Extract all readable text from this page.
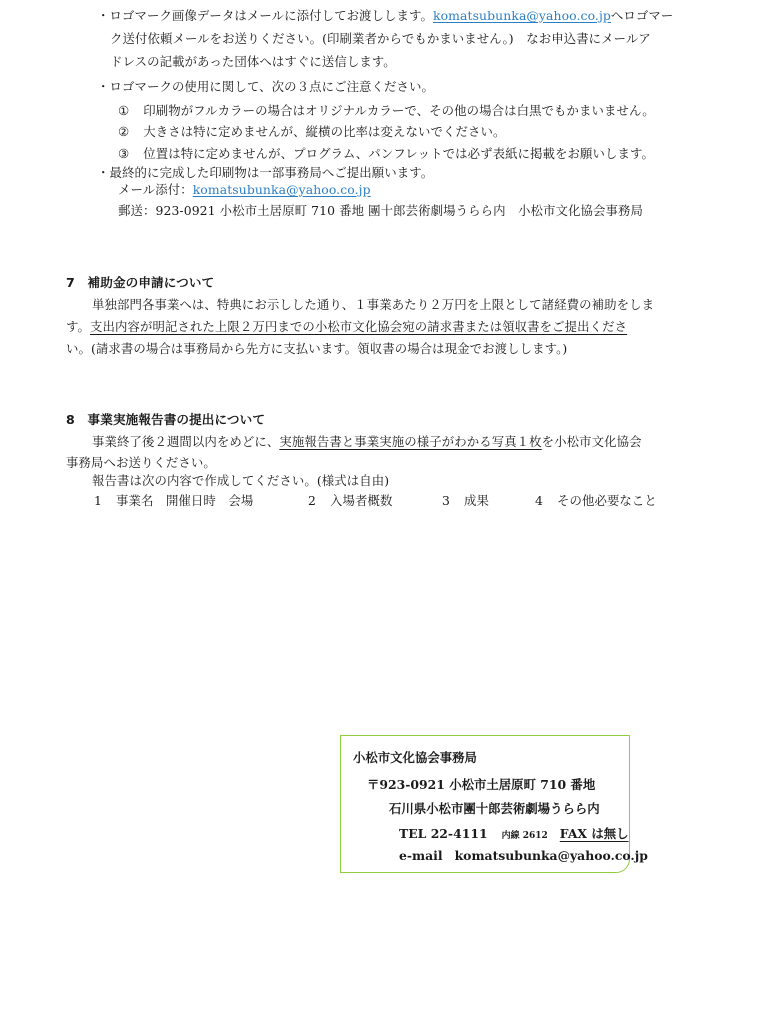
・ロゴマーク画像データはメールに添付してお渡しします。komatsubunka@yahoo.co.jpへロゴマー
ク送付依頼メールをお送りください。(印刷業者からでもかまいません。)　なお申込書にメールア
ドレスの記載があった団体へはすぐに送信します。
・ロゴマークの使用に関して、次の３点にご注意ください。
① 印刷物がフルカラーの場合はオリジナルカラーで、その他の場合は白黒でもかまいません。
② 大きさは特に定めませんが、縦横の比率は変えないでください。
③ 位置は特に定めませんが、プログラム、パンフレットでは必ず表紙に掲載をお願いします。
・最終的に完成した印刷物は一部事務局へご提出願います。
メール添付：komatsubunka@yahoo.co.jp
郵送：923-0921 小松市土居原町 710 番地 團十郎芸術劇場うらら内　小松市文化協会事務局
7　補助金の申請について
単独部門各事業へは、特典にお示しした通り、１事業あたり２万円を上限として諸経費の補助をしま
す。支出内容が明記された上限２万円までの小松市文化協会宛の請求書または領収書をご提出くださ
い。(請求書の場合は事務局から先方に支払います。領収書の場合は現金でお渡しします。)
8　事業実施報告書の提出について
事業終了後２週間以内をめどに、実施報告書と事業実施の様子がわかる写真１枚を小松市文化協会
事務局へお送りください。
報告書は次の内容で作成してください。(様式は自由)
1 事業名　開催日時　会場	2 入場者概数	3 成果	4 その他必要なこと
小松市文化協会事務局
〒923-0921 小松市土居原町 710 番地
石川県小松市團十郎芸術劇場うらら内
TEL 22-4111 内線 2612 FAX は無し
e-mail komatsubunka@yahoo.co.jp
